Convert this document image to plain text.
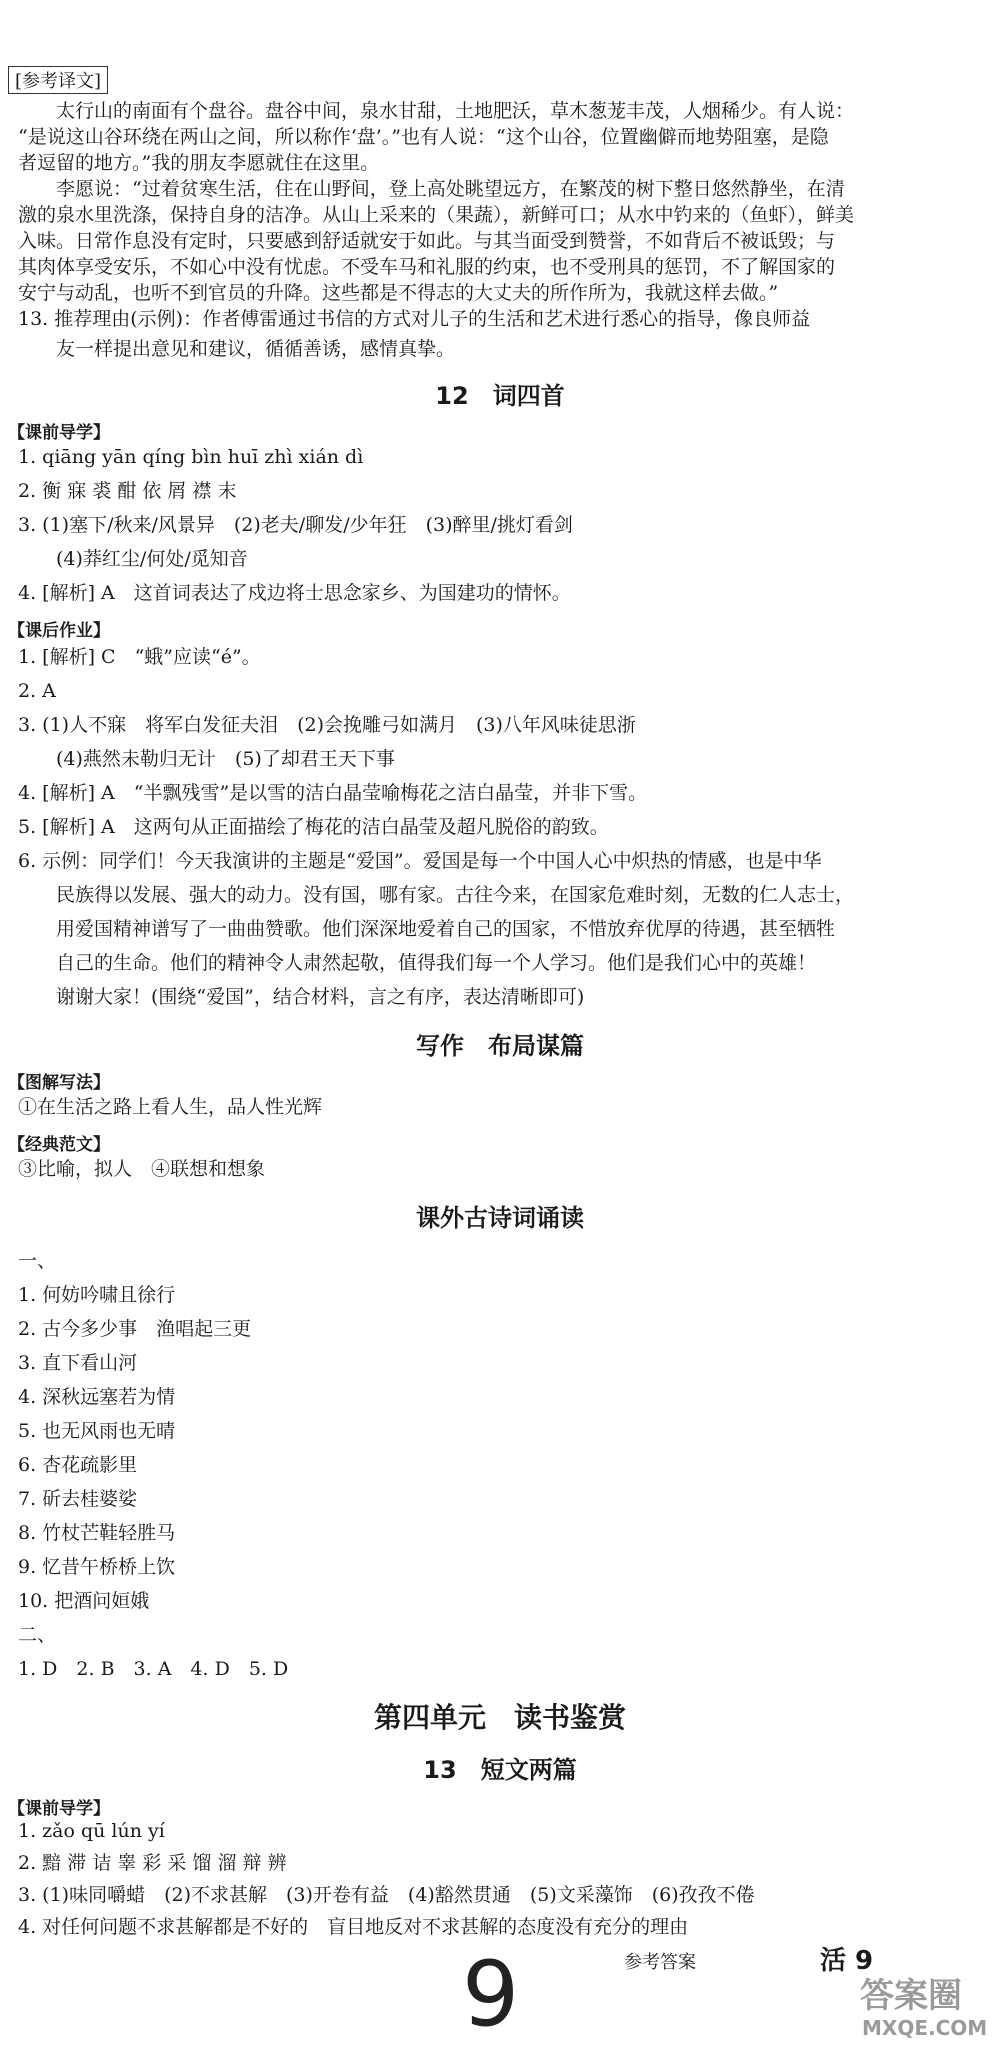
[参考译文]
太行山的南面有个盘谷。盘谷中间，泉水甘甜，土地肥沃，草木葱茏丰茂，人烟稀少。有人说：
“是说这山谷环绕在两山之间，所以称作‘盘’。”也有人说：“这个山谷，位置幽僻而地势阻塞，是隐
者逗留的地方。”我的朋友李愿就住在这里。
李愿说：“过着贫寒生活，住在山野间，登上高处眺望远方，在繁茂的树下整日悠然静坐，在清
激的泉水里洗涤，保持自身的洁净。从山上采来的（果蔬），新鲜可口；从水中钓来的（鱼虾），鲜美
入味。日常作息没有定时，只要感到舒适就安于如此。与其当面受到赞誉，不如背后不被诋毁；与
其肉体享受安乐，不如心中没有忧虑。不受车马和礼服的约束，也不受刑具的惩罚，不了解国家的
安宁与动乱，也听不到官员的升降。这些都是不得志的大丈夫的所作所为，我就这样去做。”
13. 推荐理由(示例)：作者傅雷通过书信的方式对儿子的生活和艺术进行悉心的指导，像良师益
友一样提出意见和建议，循循善诱，感情真挚。
12　词四首
【课前导学】
1. qiāng yān qíng bìn huī zhì xián dì
2. 衡 寐 裘 酣 依 屑 襟 末
3. (1)塞下/秋来/风景异　(2)老夫/聊发/少年狂　(3)醉里/挑灯看剑
(4)莽红尘/何处/觅知音
4. [解析] A　这首词表达了戍边将士思念家乡、为国建功的情怀。
【课后作业】
1. [解析] C　“蛾”应读“é”。
2. A
3. (1)人不寐　将军白发征夫泪　(2)会挽雕弓如满月　(3)八年风味徒思浙
(4)燕然未勒归无计　(5)了却君王天下事
4. [解析] A　“半飘残雪”是以雪的洁白晶莹喻梅花之洁白晶莹，并非下雪。
5. [解析] A　这两句从正面描绘了梅花的洁白晶莹及超凡脱俗的韵致。
6. 示例：同学们！今天我演讲的主题是“爱国”。爱国是每一个中国人心中炽热的情感，也是中华
民族得以发展、强大的动力。没有国，哪有家。古往今来，在国家危难时刻，无数的仁人志士，
用爱国精神谱写了一曲曲赞歌。他们深深地爱着自己的国家，不惜放弃优厚的待遇，甚至牺牲
自己的生命。他们的精神令人肃然起敬，值得我们每一个人学习。他们是我们心中的英雄！
谢谢大家！(围绕“爱国”，结合材料，言之有序，表达清晰即可)
写作　布局谋篇
【图解写法】
①在生活之路上看人生，品人性光辉
【经典范文】
③比喻，拟人　④联想和想象
课外古诗词诵读
一、
1. 何妨吟啸且徐行
2. 古今多少事　渔唱起三更
3. 直下看山河
4. 深秋远塞若为情
5. 也无风雨也无晴
6. 杏花疏影里
7. 斫去桂婆娑
8. 竹杖芒鞋轻胜马
9. 忆昔午桥桥上饮
10. 把酒问姮娥
二、
1. D　2. B　3. A　4. D　5. D
第四单元　读书鉴赏
13　短文两篇
【课前导学】
1. zǎo qū lún yí
2. 黯 滞 诘 睾 彩 采 馏 溜 辩 辨
3. (1)味同嚼蜡　(2)不求甚解　(3)开卷有益　(4)豁然贯通　(5)文采藻饰　(6)孜孜不倦
4. 对任何问题不求甚解都是不好的　盲目地反对不求甚解的态度没有充分的理由
参考答案	活 9
9	答案圈
MXQE.COM
